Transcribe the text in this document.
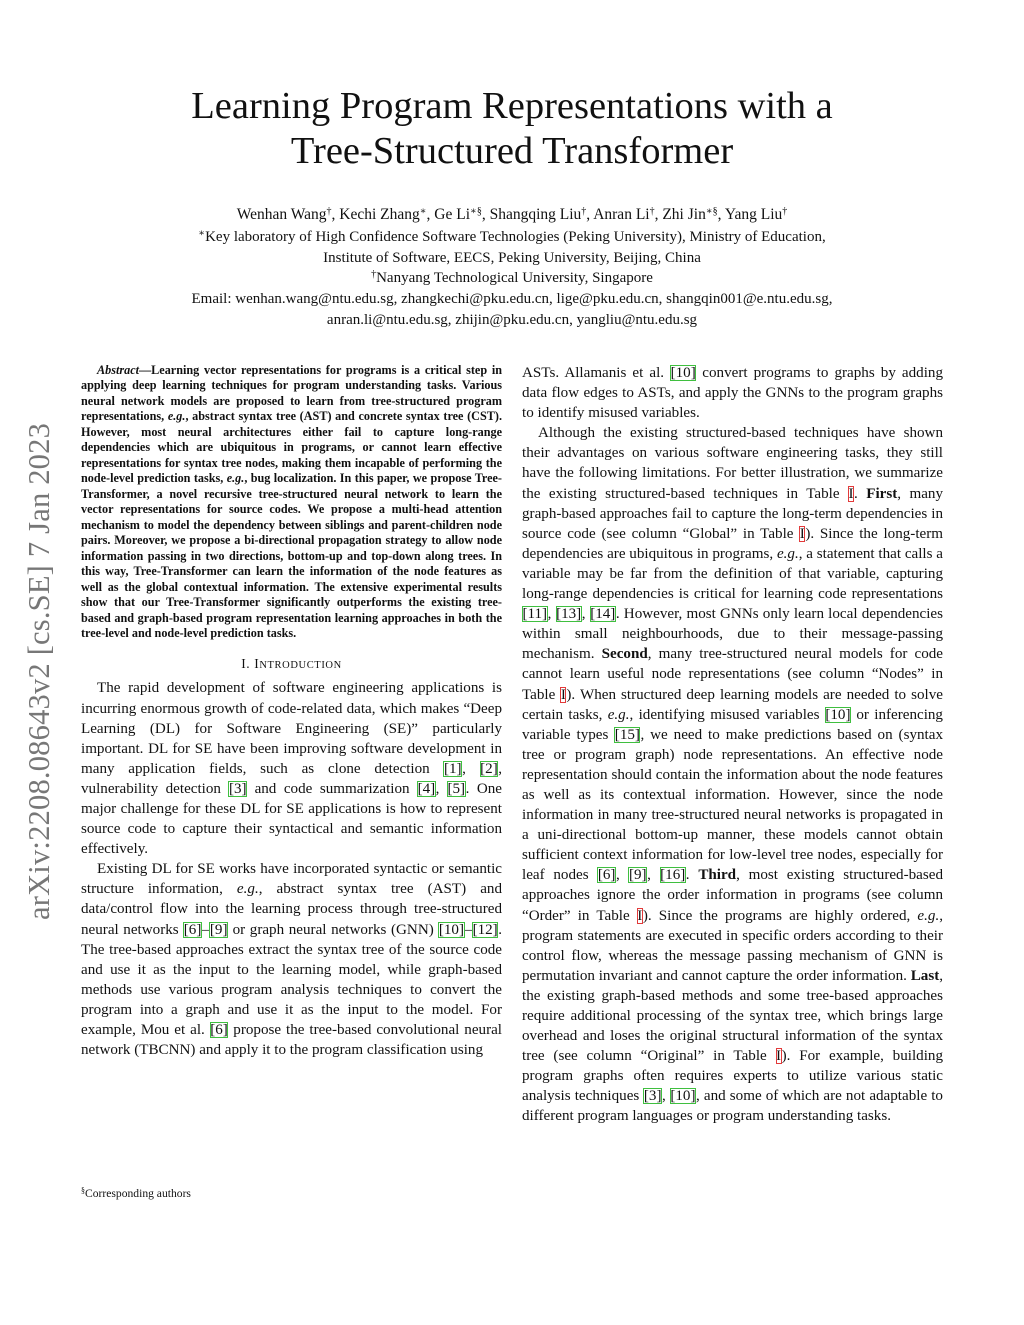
arXiv:2208.08643v2 [cs.SE] 7 Jan 2023
Learning Program Representations with a
Tree-Structured Transformer
Wenhan Wang†, Kechi Zhang∗, Ge Li∗§, Shangqing Liu†, Anran Li†, Zhi Jin∗§, Yang Liu†
∗Key laboratory of High Confidence Software Technologies (Peking University), Ministry of Education,
Institute of Software, EECS, Peking University, Beijing, China
†Nanyang Technological University, Singapore
Email: wenhan.wang@ntu.edu.sg, zhangkechi@pku.edu.cn, lige@pku.edu.cn, shangqin001@e.ntu.edu.sg,
anran.li@ntu.edu.sg, zhijin@pku.edu.cn, yangliu@ntu.edu.sg

Abstract—Learning vector representations for programs is a critical step in applying deep learning techniques for program understanding tasks. Various neural network models are proposed to learn from tree-structured program representations, e.g., abstract syntax tree (AST) and concrete syntax tree (CST). However, most neural architectures either fail to capture long-range dependencies which are ubiquitous in programs, or cannot learn effective representations for syntax tree nodes, making them incapable of performing the node-level prediction tasks, e.g., bug localization. In this paper, we propose Tree-Transformer, a novel recursive tree-structured neural network to learn the vector representations for source codes. We propose a multi-head attention mechanism to model the dependency between siblings and parent-children node pairs. Moreover, we propose a bi-directional propagation strategy to allow node information passing in two directions, bottom-up and top-down along trees. In this way, Tree-Transformer can learn the information of the node features as well as the global contextual information. The extensive experimental results show that our Tree-Transformer significantly outperforms the existing tree-based and graph-based program representation learning approaches in both the tree-level and node-level prediction tasks.

I. INTRODUCTION

The rapid development of software engineering applications is incurring enormous growth of code-related data, which makes “Deep Learning (DL) for Software Engineering (SE)” particularly important. DL for SE have been improving software development in many application fields, such as clone detection [1], [2], vulnerability detection [3] and code summarization [4], [5]. One major challenge for these DL for SE applications is how to represent source code to capture their syntactical and semantic information effectively.

Existing DL for SE works have incorporated syntactic or semantic structure information, e.g., abstract syntax tree (AST) and data/control flow into the learning process through tree-structured neural networks [6]–[9] or graph neural networks (GNN) [10]–[12]. The tree-based approaches extract the syntax tree of the source code and use it as the input to the learning model, while graph-based methods use various program analysis techniques to convert the program into a graph and use it as the input to the model. For example, Mou et al. [6] propose the tree-based convolutional neural network (TBCNN) and apply it to the program classification using

§Corresponding authors

ASTs. Allamanis et al. [10] convert programs to graphs by adding data flow edges to ASTs, and apply the GNNs to the program graphs to identify misused variables.

Although the existing structured-based techniques have shown their advantages on various software engineering tasks, they still have the following limitations. For better illustration, we summarize the existing structured-based techniques in Table I. First, many graph-based approaches fail to capture the long-term dependencies in source code (see column “Global” in Table I). Since the long-term dependencies are ubiquitous in programs, e.g., a statement that calls a variable may be far from the definition of that variable, capturing long-range dependencies is critical for learning code representations [11], [13], [14]. However, most GNNs only learn local dependencies within small neighbourhoods, due to their message-passing mechanism. Second, many tree-structured neural models for code cannot learn useful node representations (see column “Nodes” in Table I). When structured deep learning models are needed to solve certain tasks, e.g., identifying misused variables [10] or inferencing variable types [15], we need to make predictions based on (syntax tree or program graph) node representations. An effective node representation should contain the information about the node features as well as its contextual information. However, since the node information in many tree-structured neural networks is propagated in a uni-directional bottom-up manner, these models cannot obtain sufficient context information for low-level tree nodes, especially for leaf nodes [6], [9], [16]. Third, most existing structured-based approaches ignore the order information in programs (see column “Order” in Table I). Since the programs are highly ordered, e.g., program statements are executed in specific orders according to their control flow, whereas the message passing mechanism of GNN is permutation invariant and cannot capture the order information. Last, the existing graph-based methods and some tree-based approaches require additional processing of the syntax tree, which brings large overhead and loses the original structural information of the syntax tree (see column “Original” in Table I). For example, building program graphs often requires experts to utilize various static analysis techniques [3], [10], and some of which are not adaptable to different program languages or program understanding tasks.
